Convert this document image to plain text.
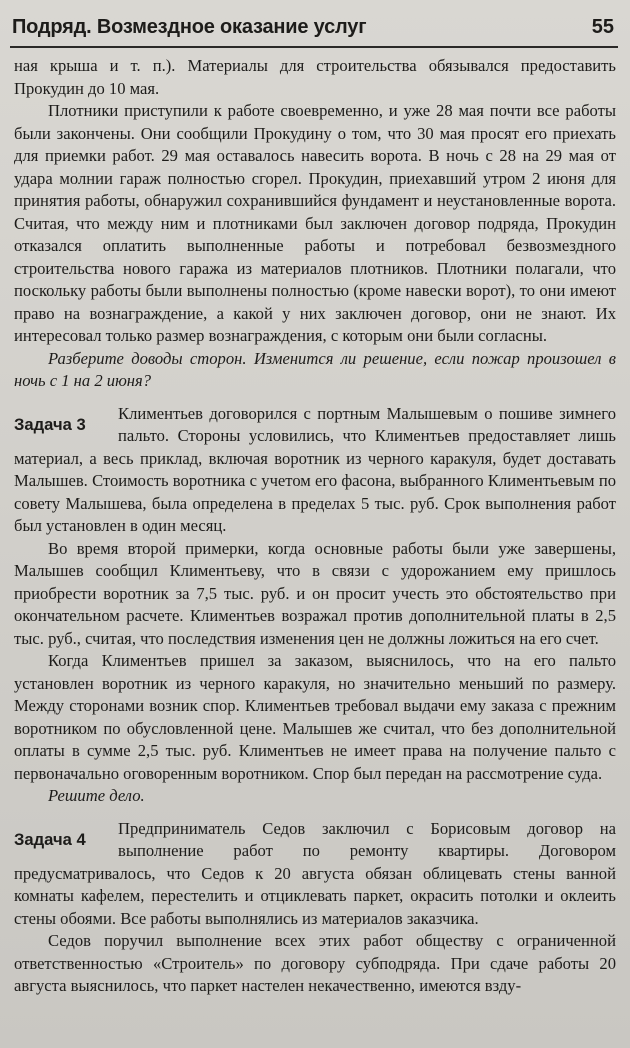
Подряд. Возмездное оказание услуг	55

ная крыша и т. п.). Материалы для строительства обязывался предоставить Прокудин до 10 мая.

Плотники приступили к работе своевременно, и уже 28 мая почти все работы были закончены. Они сообщили Прокудину о том, что 30 мая просят его приехать для приемки работ. 29 мая оставалось навесить ворота. В ночь с 28 на 29 мая от удара молнии гараж полностью сгорел. Прокудин, приехавший утром 2 июня для принятия работы, обнаружил сохранившийся фундамент и неустановленные ворота. Считая, что между ним и плотниками был заключен договор подряда, Прокудин отказался оплатить выполненные работы и потребовал безвозмездного строительства нового гаража из материалов плотников. Плотники полагали, что поскольку работы были выполнены полностью (кроме навески ворот), то они имеют право на вознаграждение, а какой у них заключен договор, они не знают. Их интересовал только размер вознаграждения, с которым они были согласны.

Разберите доводы сторон. Изменится ли решение, если пожар произошел в ночь с 1 на 2 июня?

Задача 3

Климентьев договорился с портным Малышевым о пошиве зимнего пальто. Стороны условились, что Климентьев предоставляет лишь материал, а весь приклад, включая воротник из черного каракуля, будет доставать Малышев. Стоимость воротника с учетом его фасона, выбранного Климентьевым по совету Малышева, была определена в пределах 5 тыс. руб. Срок выполнения работ был установлен в один месяц.

Во время второй примерки, когда основные работы были уже завершены, Малышев сообщил Климентьеву, что в связи с удорожанием ему пришлось приобрести воротник за 7,5 тыс. руб. и он просит учесть это обстоятельство при окончательном расчете. Климентьев возражал против дополнительной платы в 2,5 тыс. руб., считая, что последствия изменения цен не должны ложиться на его счет.

Когда Климентьев пришел за заказом, выяснилось, что на его пальто установлен воротник из черного каракуля, но значительно меньший по размеру. Между сторонами возник спор. Климентьев требовал выдачи ему заказа с прежним воротником по обусловленной цене. Малышев же считал, что без дополнительной оплаты в сумме 2,5 тыс. руб. Климентьев не имеет права на получение пальто с первоначально оговоренным воротником. Спор был передан на рассмотрение суда.

Решите дело.

Задача 4

Предприниматель Седов заключил с Борисовым договор на выполнение работ по ремонту квартиры. Договором предусматривалось, что Седов к 20 августа обязан облицевать стены ванной комнаты кафелем, перестелить и отциклевать паркет, окрасить потолки и оклеить стены обоями. Все работы выполнялись из материалов заказчика.

Седов поручил выполнение всех этих работ обществу с ограниченной ответственностью «Строитель» по договору субподряда. При сдаче работы 20 августа выяснилось, что паркет настелен некачественно, имеются взду-
